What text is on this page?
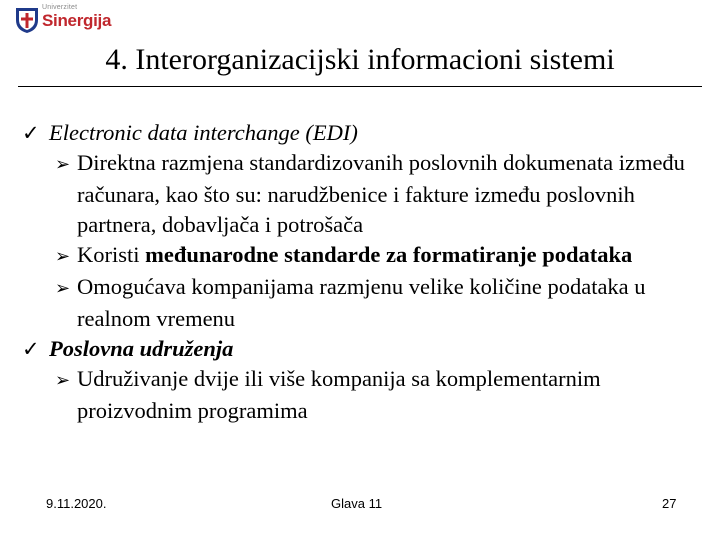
Univerzitet
Sinergija
4. Interorganizacijski informacioni sistemi
✓ Electronic data interchange (EDI)
➢ Direktna razmjena standardizovanih poslovnih dokumenata između računara, kao što su: narudžbenice i fakture između poslovnih partnera, dobavljača i potrošača
➢ Koristi međunarodne standarde za formatiranje podataka
➢ Omogućava kompanijama razmjenu velike količine podataka u realnom vremenu
✓ Poslovna udruženja
➢ Udruživanje dvije ili više kompanija sa komplementarnim proizvodnim programima
9.11.2020.	Glava 11	27
